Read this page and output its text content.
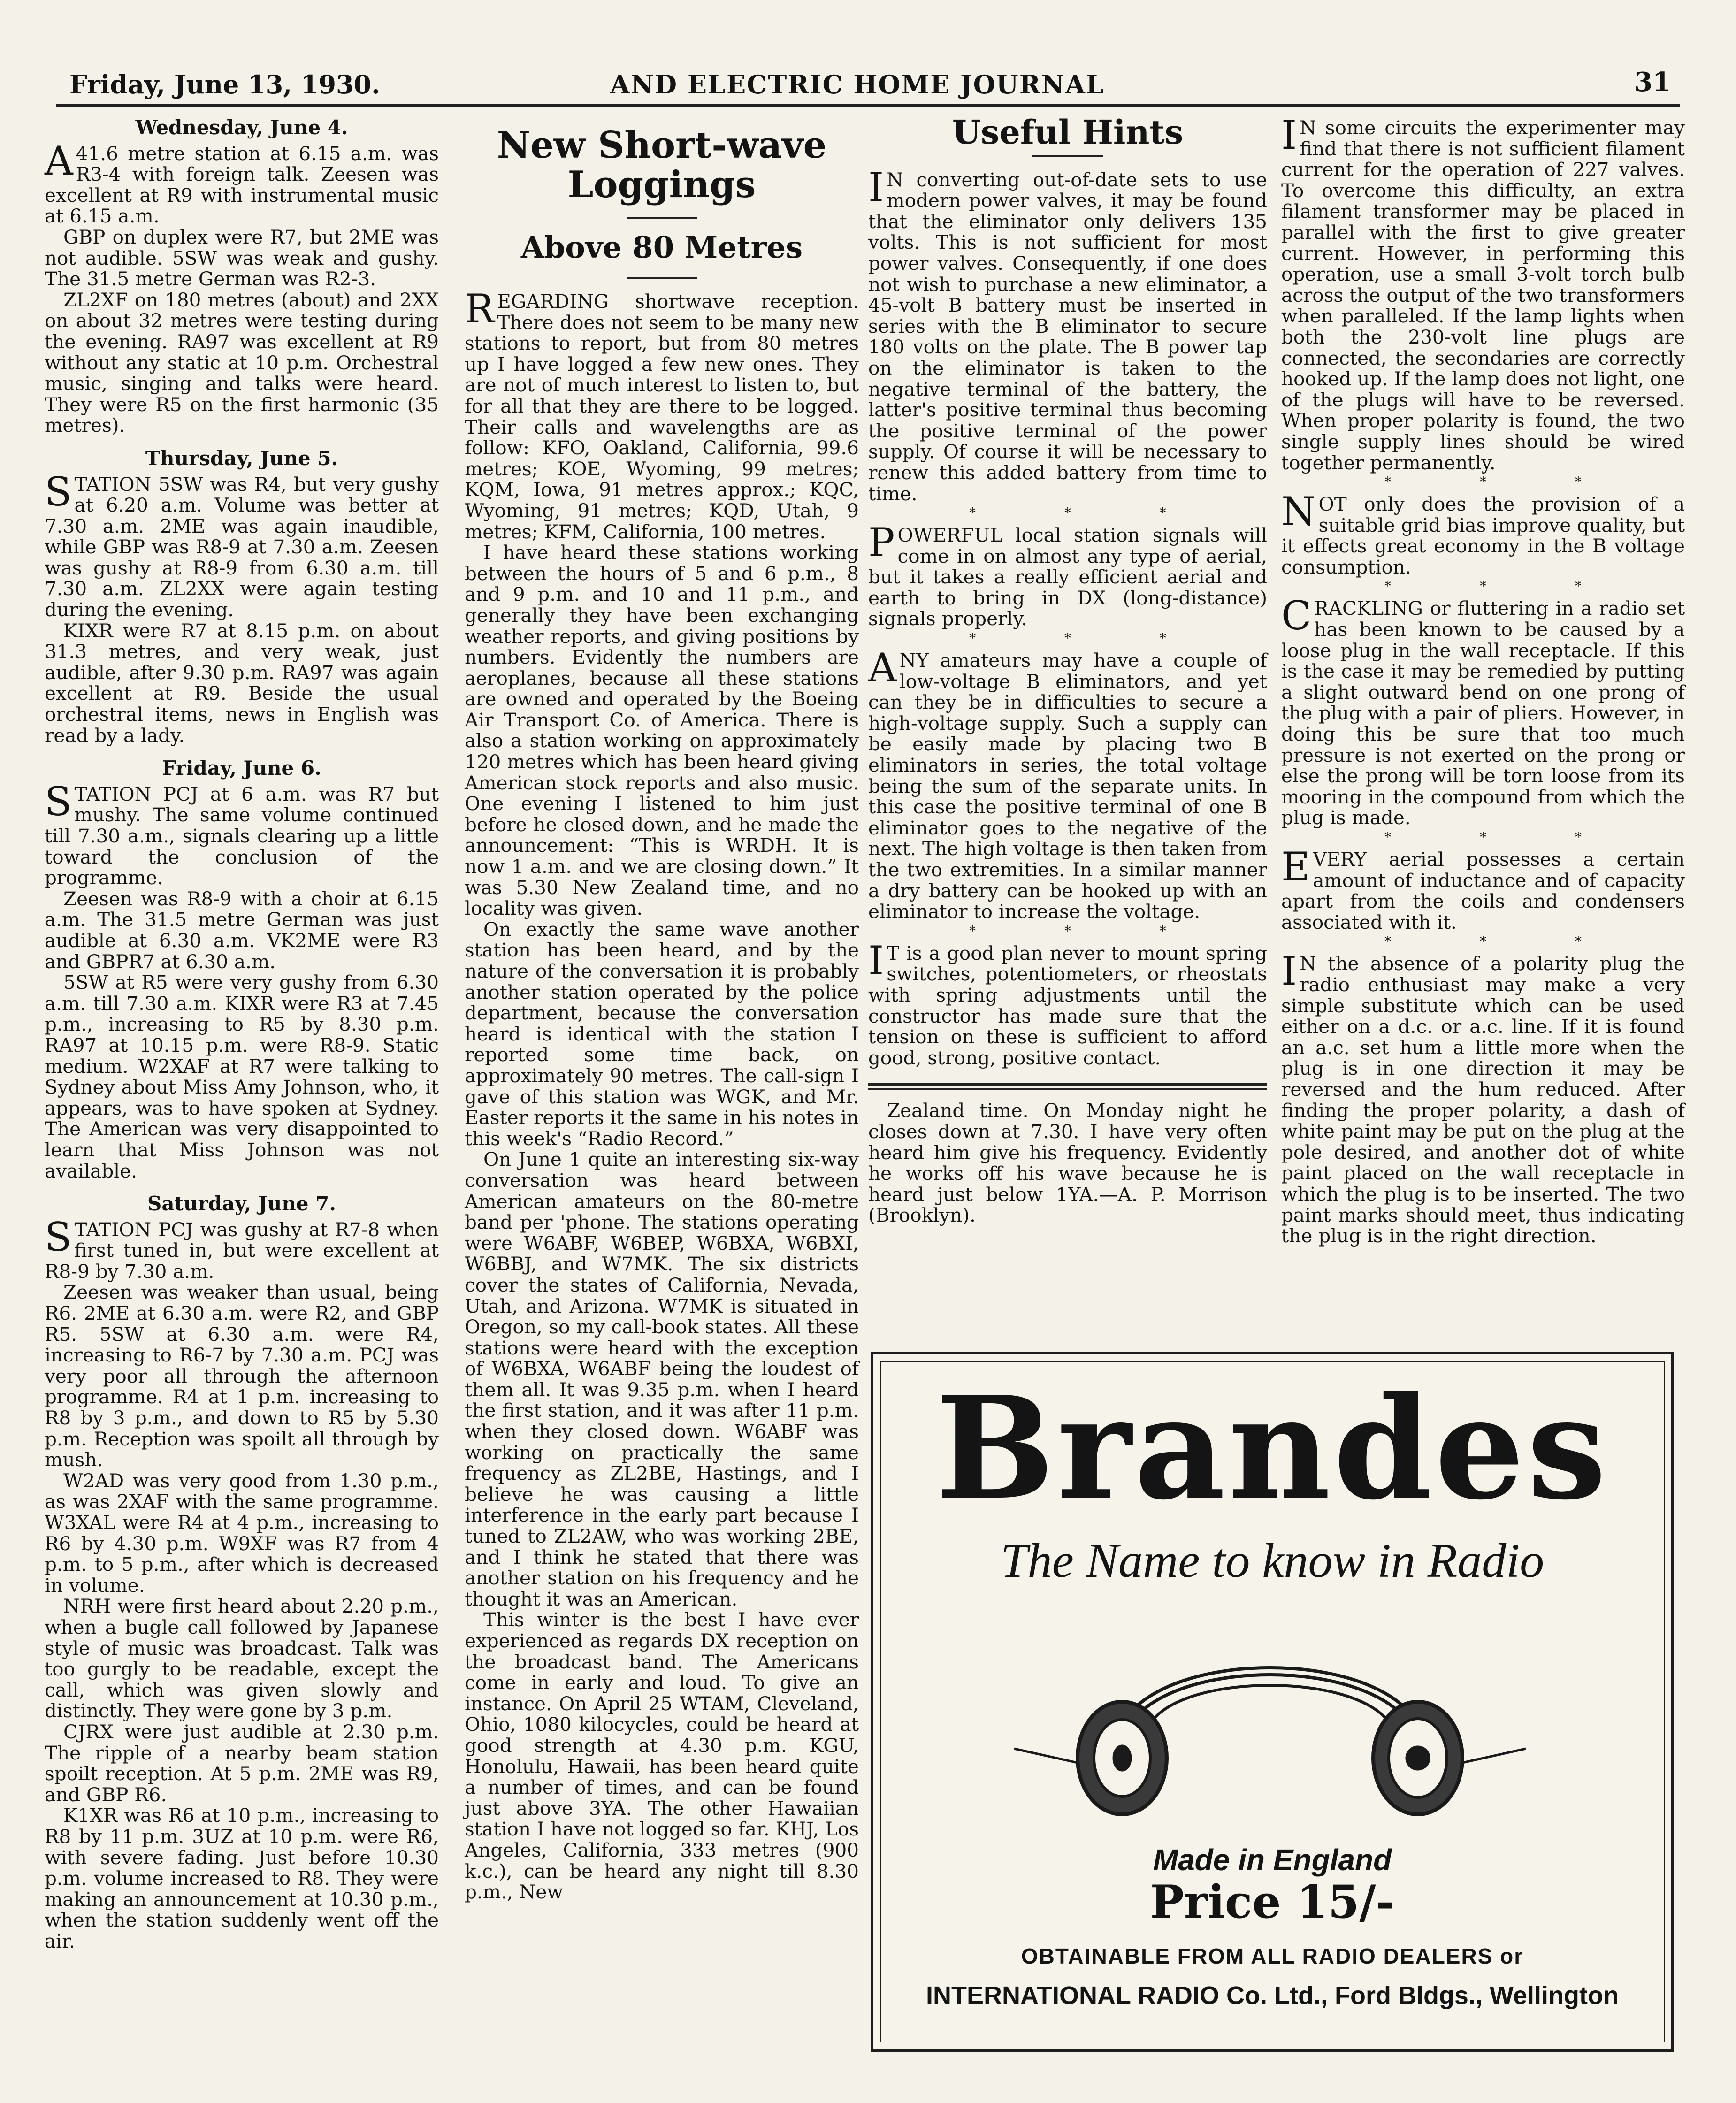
Friday, June 13, 1930.	AND ELECTRIC HOME JOURNAL	31
Wednesday, June 4.

A41.6 metre station at 6.15 a.m. was R3-4 with foreign talk. Zeesen was excellent at R9 with instrumental music at 6.15 a.m.

GBP on duplex were R7, but 2ME was not audible. 5SW was weak and gushy. The 31.5 metre German was R2-3.

ZL2XF on 180 metres (about) and 2XX on about 32 metres were testing during the evening. RA97 was excellent at R9 without any static at 10 p.m. Orchestral music, singing and talks were heard. They were R5 on the first harmonic (35 metres).

Thursday, June 5.

STATION 5SW was R4, but very gushy at 6.20 a.m. Volume was better at 7.30 a.m. 2ME was again inaudible, while GBP was R8-9 at 7.30 a.m. Zeesen was gushy at R8-9 from 6.30 a.m. till 7.30 a.m. ZL2XX were again testing during the evening.

KIXR were R7 at 8.15 p.m. on about 31.3 metres, and very weak, just audible, after 9.30 p.m. RA97 was again excellent at R9. Beside the usual orchestral items, news in English was read by a lady.

Friday, June 6.

STATION PCJ at 6 a.m. was R7 but mushy. The same volume continued till 7.30 a.m., signals clearing up a little toward the conclusion of the programme.

Zeesen was R8-9 with a choir at 6.15 a.m. The 31.5 metre German was just audible at 6.30 a.m. VK2ME were R3 and GBPR7 at 6.30 a.m.

5SW at R5 were very gushy from 6.30 a.m. till 7.30 a.m. KIXR were R3 at 7.45 p.m., increasing to R5 by 8.30 p.m. RA97 at 10.15 p.m. were R8-9. Static medium. W2XAF at R7 were talking to Sydney about Miss Amy Johnson, who, it appears, was to have spoken at Sydney. The American was very disappointed to learn that Miss Johnson was not available.

Saturday, June 7.

STATION PCJ was gushy at R7-8 when first tuned in, but were excellent at R8-9 by 7.30 a.m.

Zeesen was weaker than usual, being R6. 2ME at 6.30 a.m. were R2, and GBP R5. 5SW at 6.30 a.m. were R4, increasing to R6-7 by 7.30 a.m. PCJ was very poor all through the afternoon programme. R4 at 1 p.m. increasing to R8 by 3 p.m., and down to R5 by 5.30 p.m. Reception was spoilt all through by mush.

W2AD was very good from 1.30 p.m., as was 2XAF with the same programme. W3XAL were R4 at 4 p.m., increasing to R6 by 4.30 p.m. W9XF was R7 from 4 p.m. to 5 p.m., after which is decreased in volume.

NRH were first heard about 2.20 p.m., when a bugle call followed by Japanese style of music was broadcast. Talk was too gurgly to be readable, except the call, which was given slowly and distinctly. They were gone by 3 p.m.

CJRX were just audible at 2.30 p.m. The ripple of a nearby beam station spoilt reception. At 5 p.m. 2ME was R9, and GBP R6.

K1XR was R6 at 10 p.m., increasing to R8 by 11 p.m. 3UZ at 10 p.m. were R6, with severe fading. Just before 10.30 p.m. volume increased to R8. They were making an announcement at 10.30 p.m., when the station suddenly went off the air.

New Short-wave Loggings
Above 80 Metres

REGARDING shortwave reception. There does not seem to be many new stations to report, but from 80 metres up I have logged a few new ones. They are not of much interest to listen to, but for all that they are there to be logged. Their calls and wavelengths are as follow: KFO, Oakland, California, 99.6 metres; KOE, Wyoming, 99 metres; KQM, Iowa, 91 metres approx.; KQC, Wyoming, 91 metres; KQD, Utah, 9 metres; KFM, California, 100 metres.

I have heard these stations working between the hours of 5 and 6 p.m., 8 and 9 p.m. and 10 and 11 p.m., and generally they have been exchanging weather reports, and giving positions by numbers. Evidently the numbers are aeroplanes, because all these stations are owned and operated by the Boeing Air Transport Co. of America. There is also a station working on approximately 120 metres which has been heard giving American stock reports and also music. One evening I listened to him just before he closed down, and he made the announcement: “This is WRDH. It is now 1 a.m. and we are closing down.” It was 5.30 New Zealand time, and no locality was given.

On exactly the same wave another station has been heard, and by the nature of the conversation it is probably another station operated by the police department, because the conversation heard is identical with the station I reported some time back, on approximately 90 metres. The call-sign I gave of this station was WGK, and Mr. Easter reports it the same in his notes in this week's “Radio Record.”

On June 1 quite an interesting six-way conversation was heard between American amateurs on the 80-metre band per 'phone. The stations operating were W6ABF, W6BEP, W6BXA, W6BXI, W6BBJ, and W7MK. The six districts cover the states of California, Nevada, Utah, and Arizona. W7MK is situated in Oregon, so my call-book states. All these stations were heard with the exception of W6BXA, W6ABF being the loudest of them all. It was 9.35 p.m. when I heard the first station, and it was after 11 p.m. when they closed down. W6ABF was working on practically the same frequency as ZL2BE, Hastings, and I believe he was causing a little interference in the early part because I tuned to ZL2AW, who was working 2BE, and I think he stated that there was another station on his frequency and he thought it was an American.

This winter is the best I have ever experienced as regards DX reception on the broadcast band. The Americans come in early and loud. To give an instance. On April 25 WTAM, Cleveland, Ohio, 1080 kilocycles, could be heard at good strength at 4.30 p.m. KGU, Honolulu, Hawaii, has been heard quite a number of times, and can be found just above 3YA. The other Hawaiian station I have not logged so far. KHJ, Los Angeles, California, 333 metres (900 k.c.), can be heard any night till 8.30 p.m., New

Useful Hints

IN converting out-of-date sets to use modern power valves, it may be found that the eliminator only delivers 135 volts. This is not sufficient for most power valves. Consequently, if one does not wish to purchase a new eliminator, a 45-volt B battery must be inserted in series with the B eliminator to secure 180 volts on the plate. The B power tap on the eliminator is taken to the negative terminal of the battery, the latter's positive terminal thus becoming the positive terminal of the power supply. Of course it will be necessary to renew this added battery from time to time.

* * *

POWERFUL local station signals will come in on almost any type of aerial, but it takes a really efficient aerial and earth to bring in DX (long-distance) signals properly.

* * *

ANY amateurs may have a couple of low-voltage B eliminators, and yet can they be in difficulties to secure a high-voltage supply. Such a supply can be easily made by placing two B eliminators in series, the total voltage being the sum of the separate units. In this case the positive terminal of one B eliminator goes to the negative of the next. The high voltage is then taken from the two extremities. In a similar manner a dry battery can be hooked up with an eliminator to increase the voltage.

* * *

IT is a good plan never to mount spring switches, potentiometers, or rheostats with spring adjustments until the constructor has made sure that the tension on these is sufficient to afford good, strong, positive contact.

Zealand time. On Monday night he closes down at 7.30. I have very often heard him give his frequency. Evidently he works off his wave because he is heard just below 1YA.—A. P. Morrison (Brooklyn).

IN some circuits the experimenter may find that there is not sufficient filament current for the operation of 227 valves. To overcome this difficulty, an extra filament transformer may be placed in parallel with the first to give greater current. However, in performing this operation, use a small 3-volt torch bulb across the output of the two transformers when paralleled. If the lamp lights when both the 230-volt line plugs are connected, the secondaries are correctly hooked up. If the lamp does not light, one of the plugs will have to be reversed. When proper polarity is found, the two single supply lines should be wired together permanently.

* * *

NOT only does the provision of a suitable grid bias improve quality, but it effects great economy in the B voltage consumption.

* * *

CRACKLING or fluttering in a radio set has been known to be caused by a loose plug in the wall receptacle. If this is the case it may be remedied by putting a slight outward bend on one prong of the plug with a pair of pliers. However, in doing this be sure that too much pressure is not exerted on the prong or else the prong will be torn loose from its mooring in the compound from which the plug is made.

* * *

EVERY aerial possesses a certain amount of inductance and of capacity apart from the coils and condensers associated with it.

* * *

IN the absence of a polarity plug the radio enthusiast may make a very simple substitute which can be used either on a d.c. or a.c. line. If it is found an a.c. set hum a little more when the plug is in one direction it may be reversed and the hum reduced. After finding the proper polarity, a dash of white paint may be put on the plug at the pole desired, and another dot of white paint placed on the wall receptacle in which the plug is to be inserted. The two paint marks should meet, thus indicating the plug is in the right direction.

Brandes
The Name to know in Radio
Made in England
Price 15/-
OBTAINABLE FROM ALL RADIO DEALERS or
INTERNATIONAL RADIO Co. Ltd., Ford Bldgs., Wellington
